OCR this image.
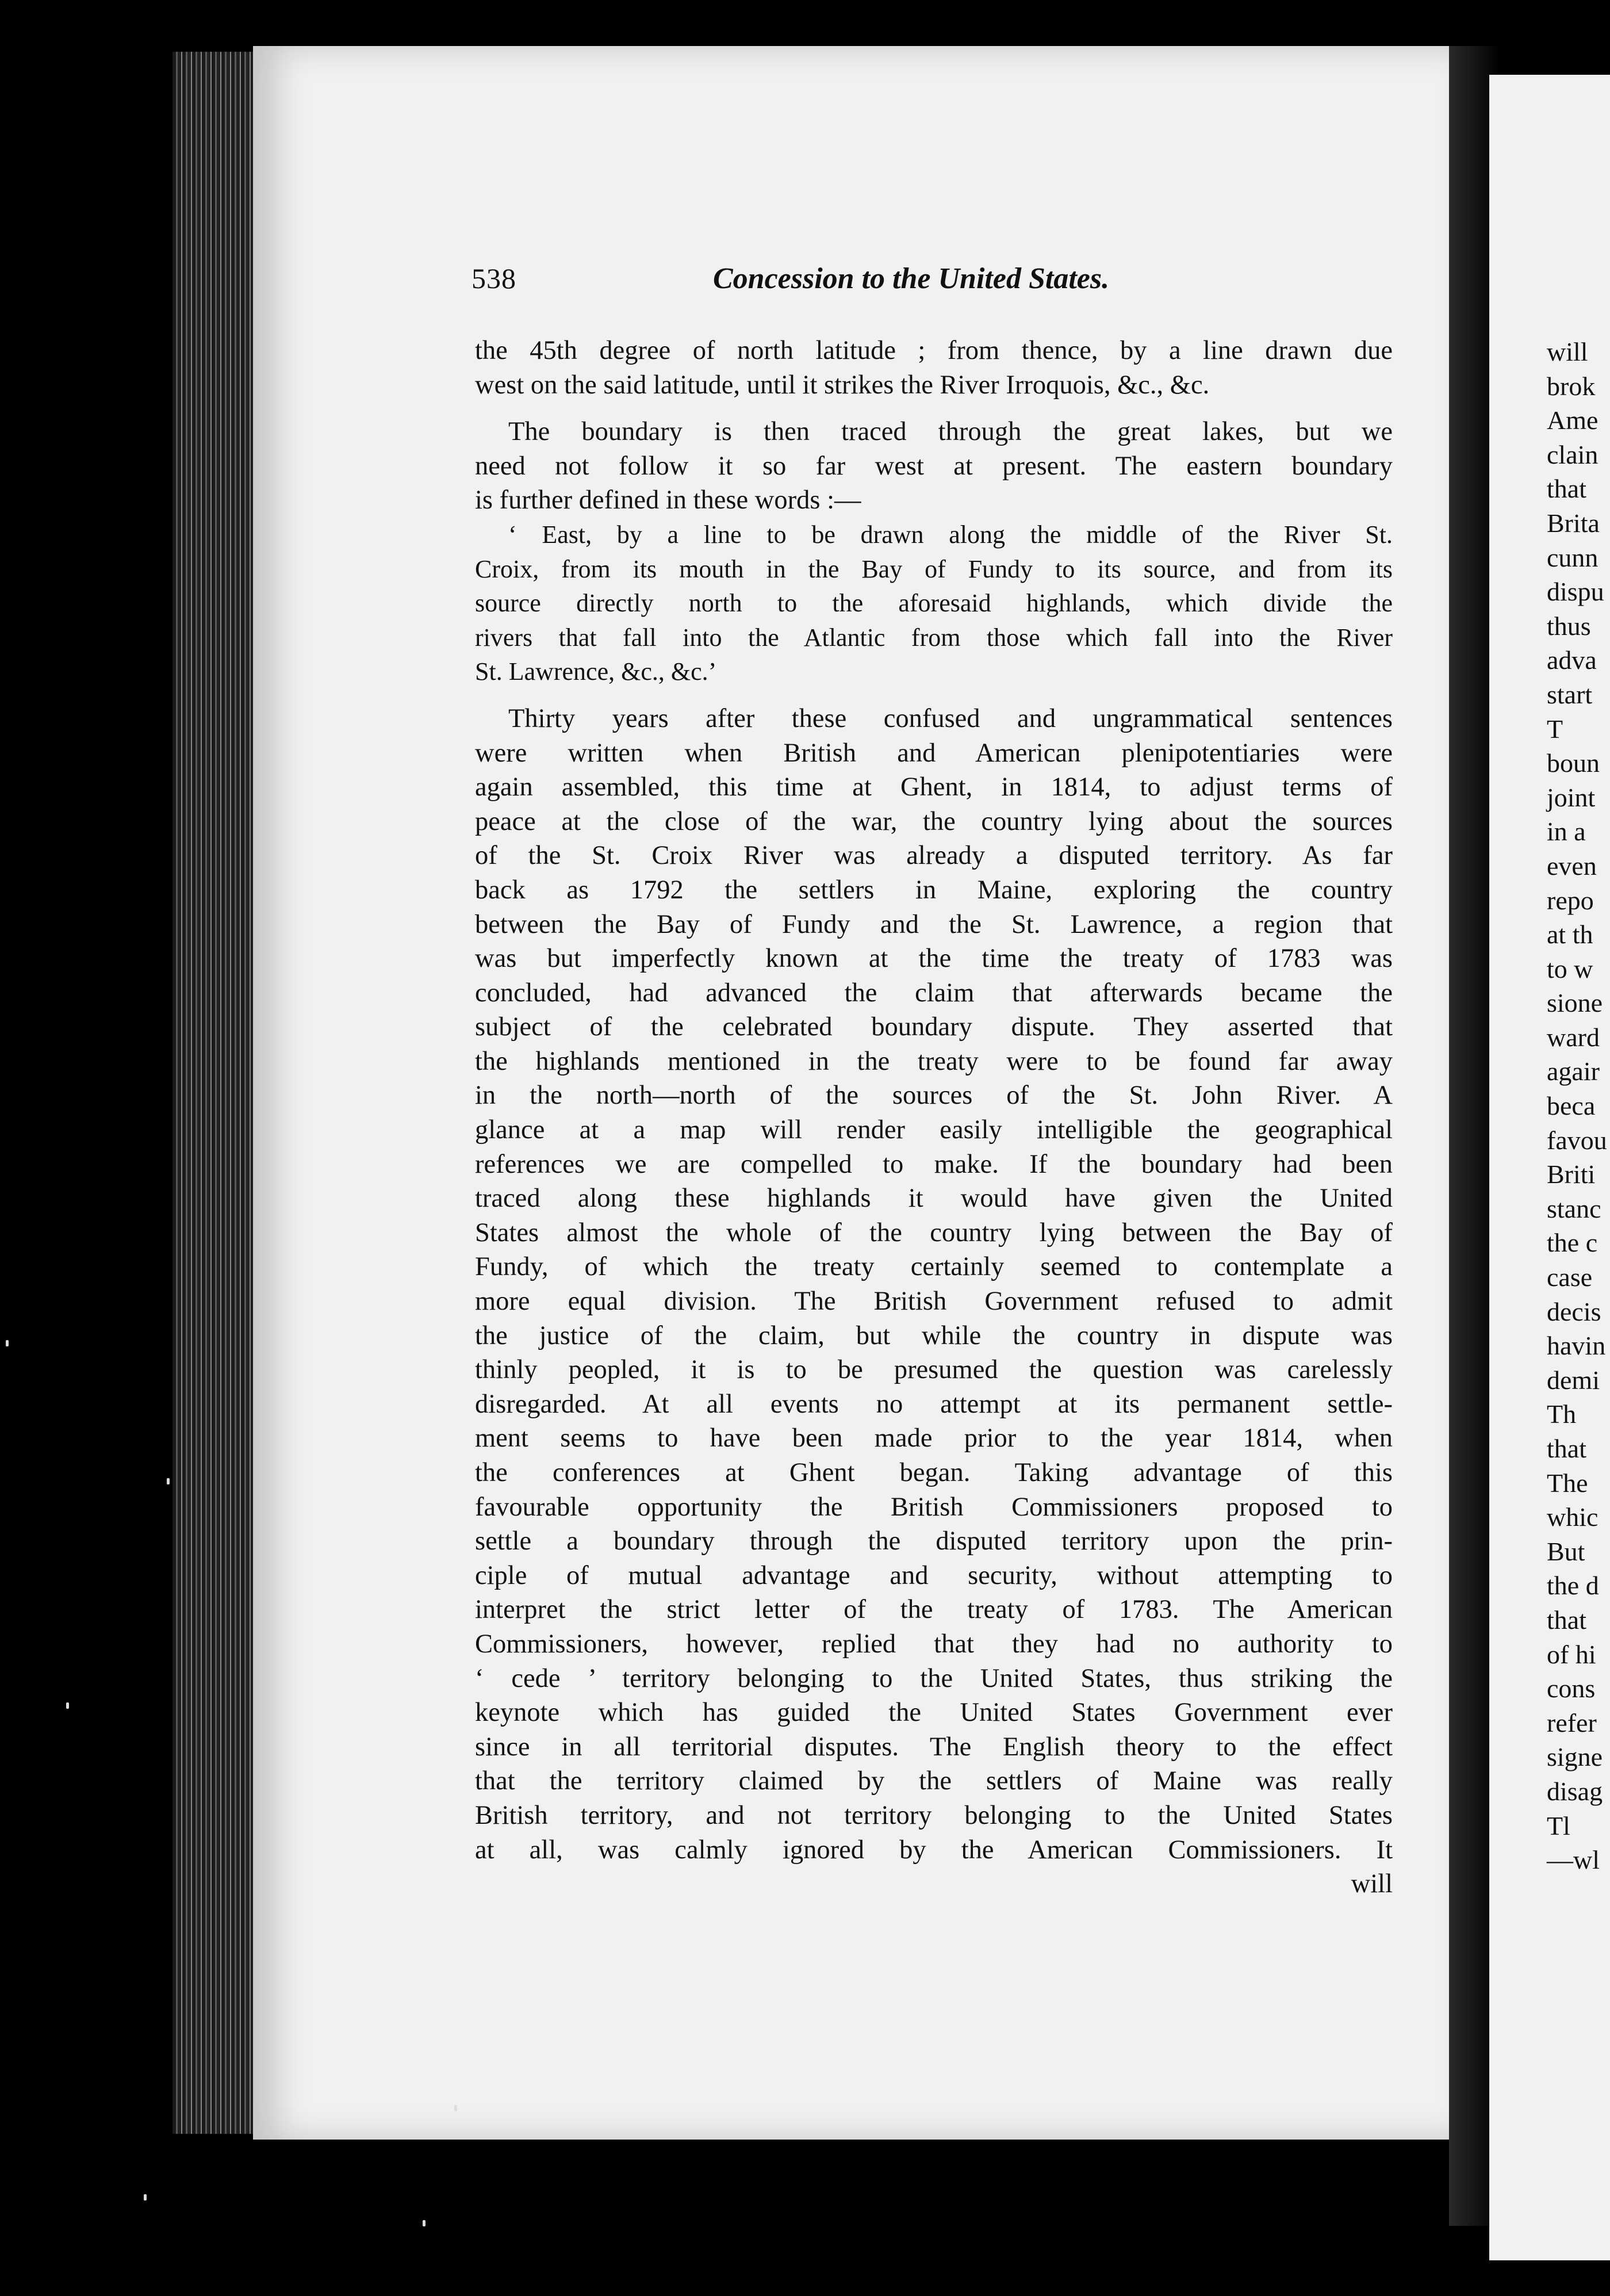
538	Concession to the United States.

the 45th degree of north latitude ; from thence, by a line drawn due

west on the said latitude, until it strikes the River Irroquois, &c., &c.

The boundary is then traced through the great lakes, but we

need not follow it so far west at present. The eastern boundary

is further defined in these words :—

‘ East, by a line to be drawn along the middle of the River St.

Croix, from its mouth in the Bay of Fundy to its source, and from its

source directly north to the aforesaid highlands, which divide the

rivers that fall into the Atlantic from those which fall into the River

St. Lawrence, &c., &c.’

Thirty years after these confused and ungrammatical sentences

were written when British and American plenipotentiaries were

again assembled, this time at Ghent, in 1814, to adjust terms of

peace at the close of the war, the country lying about the sources

of the St. Croix River was already a disputed territory. As far

back as 1792 the settlers in Maine, exploring the country

between the Bay of Fundy and the St. Lawrence, a region that

was but imperfectly known at the time the treaty of 1783 was

concluded, had advanced the claim that afterwards became the

subject of the celebrated boundary dispute. They asserted that

the highlands mentioned in the treaty were to be found far away

in the north—north of the sources of the St. John River. A

glance at a map will render easily intelligible the geographical

references we are compelled to make. If the boundary had been

traced along these highlands it would have given the United

States almost the whole of the country lying between the Bay of

Fundy, of which the treaty certainly seemed to contemplate a

more equal division. The British Government refused to admit

the justice of the claim, but while the country in dispute was

thinly peopled, it is to be presumed the question was carelessly

disregarded. At all events no attempt at its permanent settle-

ment seems to have been made prior to the year 1814, when

the conferences at Ghent began. Taking advantage of this

favourable opportunity the British Commissioners proposed to

settle a boundary through the disputed territory upon the prin-

ciple of mutual advantage and security, without attempting to

interpret the strict letter of the treaty of 1783. The American

Commissioners, however, replied that they had no authority to

‘ cede ’ territory belonging to the United States, thus striking the

keynote which has guided the United States Government ever

since in all territorial disputes. The English theory to the effect

that the territory claimed by the settlers of Maine was really

British territory, and not territory belonging to the United States

at all, was calmly ignored by the American Commissioners. It

will

will
brok
Ame
clain
that
Brita
cunn
dispu
thus
adva
start
T
boun
joint
in a
even
repo
at th
to w
sione
ward
agair
beca
favou
Briti
stanc
the c
case
decis
havin
demi
Th
that
The
whic
But
the d
that
of hi
cons
refer
signe
disag
Tl
—wl
